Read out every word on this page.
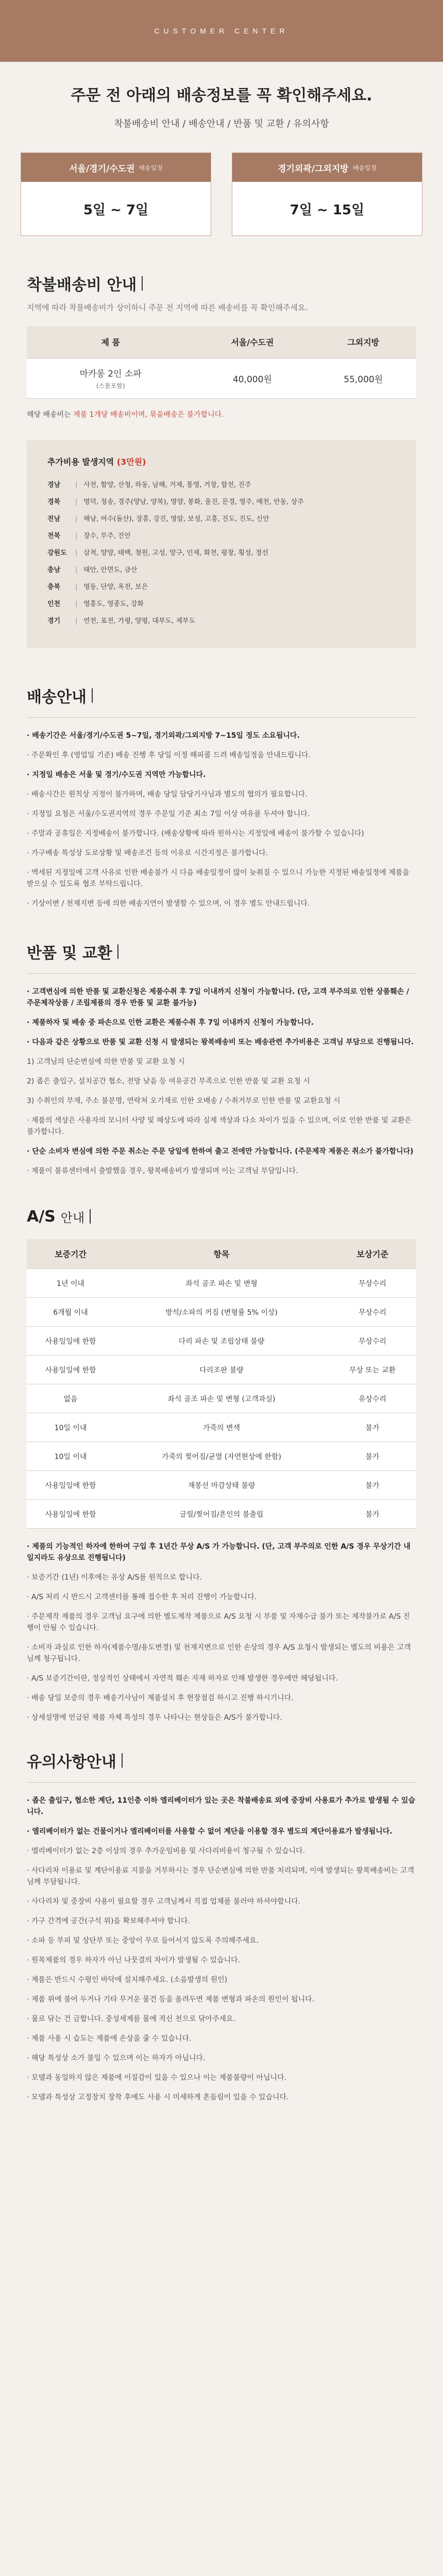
CUSTOMER CENTER
주문 전 아래의 배송정보를 꼭 확인해주세요.

착불배송비 안내 / 배송안내 / 반품 및 교환 / 유의사항

서울/경기/수도권 배송일정
5일 ~ 7일
경기외곽/그외지방 배송일정
7일 ~ 15일
착불배송비 안내
지역에 따라 착불배송비가 상이하니 주문 전 지역에 따른 배송비를 꼭 확인해주세요.
제 품	서울/수도권	그외지방
마카롱 2인 소파
(스툴포함)	40,000원	55,000원
해당 배송비는 제품 1개당 배송비이며, 묶음배송은 불가합니다.
추가비용 발생지역 (3만원)
경남	| 사천, 함양, 산청, 하동, 남해, 거제, 통영, 거창, 합천, 진주
경북	| 영덕, 청송, 경주(양남, 양북), 영양, 봉화, 울진, 문경, 영주, 예천, 안동, 상주
전남	| 해남, 여수(돌산), 장흥, 강진, 영암, 보성, 고흥, 진도, 진도, 신안
전북	| 장수, 무주, 진안
강원도	| 삼척, 양양, 태백, 철원, 고성, 양구, 인제, 화천, 평창, 횡성, 정선
충남	| 태안, 안면도, 금산
충북	| 영동, 단양, 옥천, 보은
인천	| 영흥도, 영종도, 강화
경기	| 연천, 포천, 가평, 양평, 대부도, 제부도
배송안내
· 배송기간은 서울/경기/수도권 5~7일, 경기외곽/그외지방 7~15일 정도 소요됩니다.
· 주문확인 후 (영업일 기준) 배송 진행 후 당일 이정 해피콜 드려 배송일정을 안내드립니다.
· 지정일 배송은 서울 및 경기/수도권 지역만 가능합니다.
· 배송시간은 원칙상 지정이 불가하며, 배송 당일 담당기사님과 별도의 협의가 필요합니다.
· 지정일 요청은 서울/수도권지역의 경우 주문일 기준 최소 7일 이상 여유를 두셔야 합니다.
· 주말과 공휴일은 지정배송이 불가합니다. (배송상황에 따라 원하시는 지정일에 배송이 불가할 수 있습니다)
· 가구배송 특성상 도로상황 및 배송조건 등의 이유로 시간지정은 불가합니다.
· 엑세된 지정일에 고객 사유로 인한 배송불가 시 다음 배송일정이 많이 늦춰질 수 있으니 가능한 지정된 배송일정에 제품을 받으실 수 있도록 협조 부탁드립니다.
· 기상이변 / 천재지변 등에 의한 배송지연이 발생할 수 있으며, 이 경우 별도 안내드립니다.
반품 및 교환
· 고객변심에 의한 반품 및 교환신청은 제품수취 후 7일 이내까지 신청이 가능합니다. (단, 고객 부주의로 인한 상품훼손 / 주문제작상품 / 조립제품의 경우 반품 및 교환 불가능)
· 제품하자 및 배송 중 파손으로 인한 교환은 제품수취 후 7일 이내까지 신청이 가능합니다.
· 다음과 같은 상황으로 반품 및 교환 신청 시 발생되는 왕복배송비 또는 배송관련 추가비용은 고객님 부담으로 진행됩니다.
1) 고객님의 단순변심에 의한 반품 및 교환 요청 시
2) 좁은 출입구, 설치공간 협소, 전망 낮음 등 여유공간 부족으로 인한 반품 및 교환 요청 시
3) 수취인의 부재, 주소 불분명, 연락처 오기재로 인한 오배송 / 수취거부로 인한 반품 및 교환요청 시
· 제품의 색상은 사용자의 모니터 사양 및 해상도에 따라 실제 색상과 다소 차이가 있을 수 있으며, 이로 인한 반품 및 교환은 불가합니다.
· 단순 소비자 변심에 의한 주문 취소는 주문 당일에 한하여 출고 전에만 가능합니다. (주문제작 제품은 취소가 불가합니다)
· 제품이 불류센터에서 출발했을 경우, 왕복배송비가 발생되며 이는 고객님 부담입니다.
A/S 안내
보증기간	항목	보상기준
1년 이내	좌석 골조 파손 및 변형	무상수리
6개월 이내	방석/소파의 꺼짐 (변형률 5% 이상)	무상수리
사용일일에 한함	다리 파손 및 조립상태 불량	무상수리
사용일일에 한함	다리조판 불량	무상 또는 교환
없음	좌석 골조 파손 및 변형 (고객과실)	유상수리
10일 이내	가죽의 변색	불가
10일 이내	가죽의 찢어짐/균열 (자연현상에 한함)	불가
사용일일에 한함	재봉선 마감상태 불량	불가
사용일일에 한함	글릴/찢어짐/흔인의 불출립	불가
· 제품의 기능적인 하자에 한하여 구입 후 1년간 무상 A/S 가 가능합니다. (단, 고객 부주의로 인한 A/S 경우 무상기간 내 일지라도 유상으로 진행됩니다)
· 보증기간 (1년) 이후에는 유상 A/S를 원칙으로 합니다.
· A/S 처리 시 반드시 고객센터를 통해 접수한 후 처리 진행이 가능합니다.
· 주문제작 제품의 경우 고객님 요구에 의한 별도제작 제품으로 A/S 요청 시 부품 및 자재수급 불가 또는 제작불가로 A/S 진행이 안될 수 있습니다.
· 소비자 과실로 인한 하자(제품수명/용도변경) 및 천재지변으로 인한 손상의 경우 A/S 요청시 발생되는 별도의 비용은 고객님께 청구됩니다.
· A/S 보증기간이란, 정상적인 상태에서 자연적 훼손 자재 하자로 인해 발생한 경우에만 해당됩니다.
· 배송 당일 보증의 경우 배송기사님이 제품설치 후 현장점검 하시고 진행 하시기니다.
· 상세설명에 언급된 제품 자체 특성의 경우 나타나는 현상들은 A/S가 불가합니다.
유의사항안내
· 좁은 출입구, 협소한 계단, 11인층 이하 엘리베이터가 있는 곳은 착불배송료 외에 중장비 사용료가 추가로 발생될 수 있습니다.
· 엘리베이터가 없는 건물이거나 엘리베이터를 사용할 수 없어 계단을 이용할 경우 별도의 계단이용료가 발생됩니다.
· 엘리베이터가 없는 2층 이상의 경우 추가운임비용 및 사다리비용이 청구될 수 있습니다.
· 사다리차 이용료 및 계단이용료 지불을 거부하시는 경우 단순변심에 의한 반품 처리되며, 이에 발생되는 왕복배송비는 고객님께 부담됩니다.
· 사다리차 및 중장비 사용이 필요할 경우 고객님께서 직접 업체를 불러야 하셔야합니다.
· 가구 간격에 공간(구석 위)을 확보해주셔야 합니다.
· 소파 등 부피 및 상단부 또는 중앙이 무로 들어서지 않도록 주의해주세요.
· 원목제품의 경우 하자가 아닌 나뭇결의 차이가 발생될 수 있습니다.
· 제품은 반드시 수평인 바닥에 설치해주세요. (소음발생의 원인)
· 제품 위에 불어 두거나 기타 무거운 물건 등을 올려두면 제품 변형과 파손의 원인이 됩니다.
· 물로 닦는 건 금합니다. 중성세제를 물에 적신 천으로 닦아주세요.
· 제품 사용 시 습도는 제품에 손상을 줄 수 있습니다.
· 해당 특성상 소가 불일 수 있으며 이는 하자가 아닙니다.
· 모델과 동일하지 않은 제품에 이질감이 있을 수 있으나 이는 제품불량이 아닙니다.
· 모델과 특성상 고정장치 장착 후에도 사용 시 미세하게 흔들림이 있을 수 있습니다.
